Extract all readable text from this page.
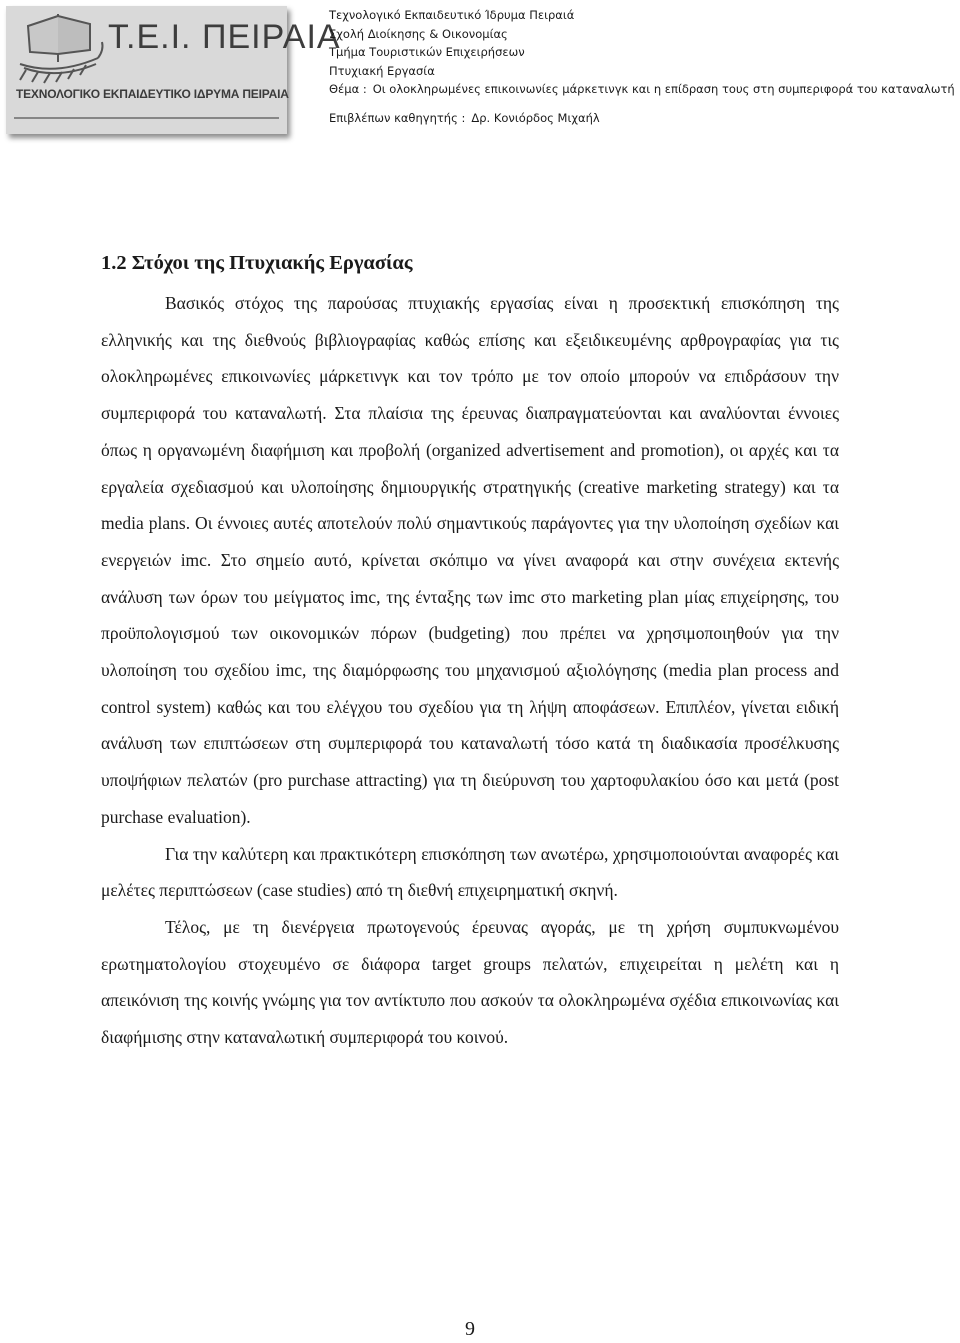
Τ.Ε.Ι. ΠΕΙΡΑΙΑ
ΤΕΧΝΟΛΟΓΙΚΟ ΕΚΠΑΙΔΕΥΤΙΚΟ ΙΔΡΥΜΑ ΠΕΙΡΑΙΑ
Τεχνολογικό Εκπαιδευτικό Ίδρυμα Πειραιά
Σχολή Διοίκησης & Οικονομίας
Τμήμα Τουριστικών Επιχειρήσεων
Πτυχιακή Εργασία
Θέμα : Οι ολοκληρωμένες επικοινωνίες μάρκετινγκ και η επίδραση τους στη συμπεριφορά του καταναλωτή
Επιβλέπων καθηγητής : Δρ. Κονιόρδος Μιχαήλ
1.2 Στόχοι της Πτυχιακής Εργασίας

Βασικός στόχος της παρούσας πτυχιακής εργασίας είναι η προσεκτική επισκόπηση της ελληνικής και της διεθνούς βιβλιογραφίας καθώς επίσης και εξειδικευμένης αρθρογραφίας για τις ολοκληρωμένες επικοινωνίες μάρκετινγκ και τον τρόπο με τον οποίο μπορούν να επιδράσουν την συμπεριφορά του καταναλωτή. Στα πλαίσια της έρευνας διαπραγματεύονται και αναλύονται έννοιες όπως η οργανωμένη διαφήμιση και προβολή (organized advertisement and promotion), οι αρχές και τα εργαλεία σχεδιασμού και υλοποίησης δημιουργικής στρατηγικής (creative marketing strategy) και τα media plans. Οι έννοιες αυτές αποτελούν πολύ σημαντικούς παράγοντες για την υλοποίηση σχεδίων και ενεργειών imc. Στο σημείο αυτό, κρίνεται σκόπιμο να γίνει αναφορά και στην συνέχεια εκτενής ανάλυση των όρων του μείγματος imc, της ένταξης των imc στο marketing plan μίας επιχείρησης, του προϋπολογισμού των οικονομικών πόρων (budgeting) που πρέπει να χρησιμοποιηθούν για την υλοποίηση του σχεδίου imc, της διαμόρφωσης του μηχανισμού αξιολόγησης (media plan process and control system) καθώς και του ελέγχου του σχεδίου για τη λήψη αποφάσεων. Επιπλέον, γίνεται ειδική ανάλυση των επιπτώσεων στη συμπεριφορά του καταναλωτή τόσο κατά τη διαδικασία προσέλκυσης υποψήφιων πελατών (pro purchase attracting) για τη διεύρυνση του χαρτοφυλακίου όσο και μετά (post purchase evaluation).

Για την καλύτερη και πρακτικότερη επισκόπηση των ανωτέρω, χρησιμοποιούνται αναφορές και μελέτες περιπτώσεων (case studies) από τη διεθνή επιχειρηματική σκηνή.

Τέλος, με τη διενέργεια πρωτογενούς έρευνας αγοράς, με τη χρήση συμπυκνωμένου ερωτηματολογίου στοχευμένο σε διάφορα target groups πελατών, επιχειρείται η μελέτη και η απεικόνιση της κοινής γνώμης για τον αντίκτυπο που ασκούν τα ολοκληρωμένα σχέδια επικοινωνίας και διαφήμισης στην καταναλωτική συμπεριφορά του κοινού.

9
